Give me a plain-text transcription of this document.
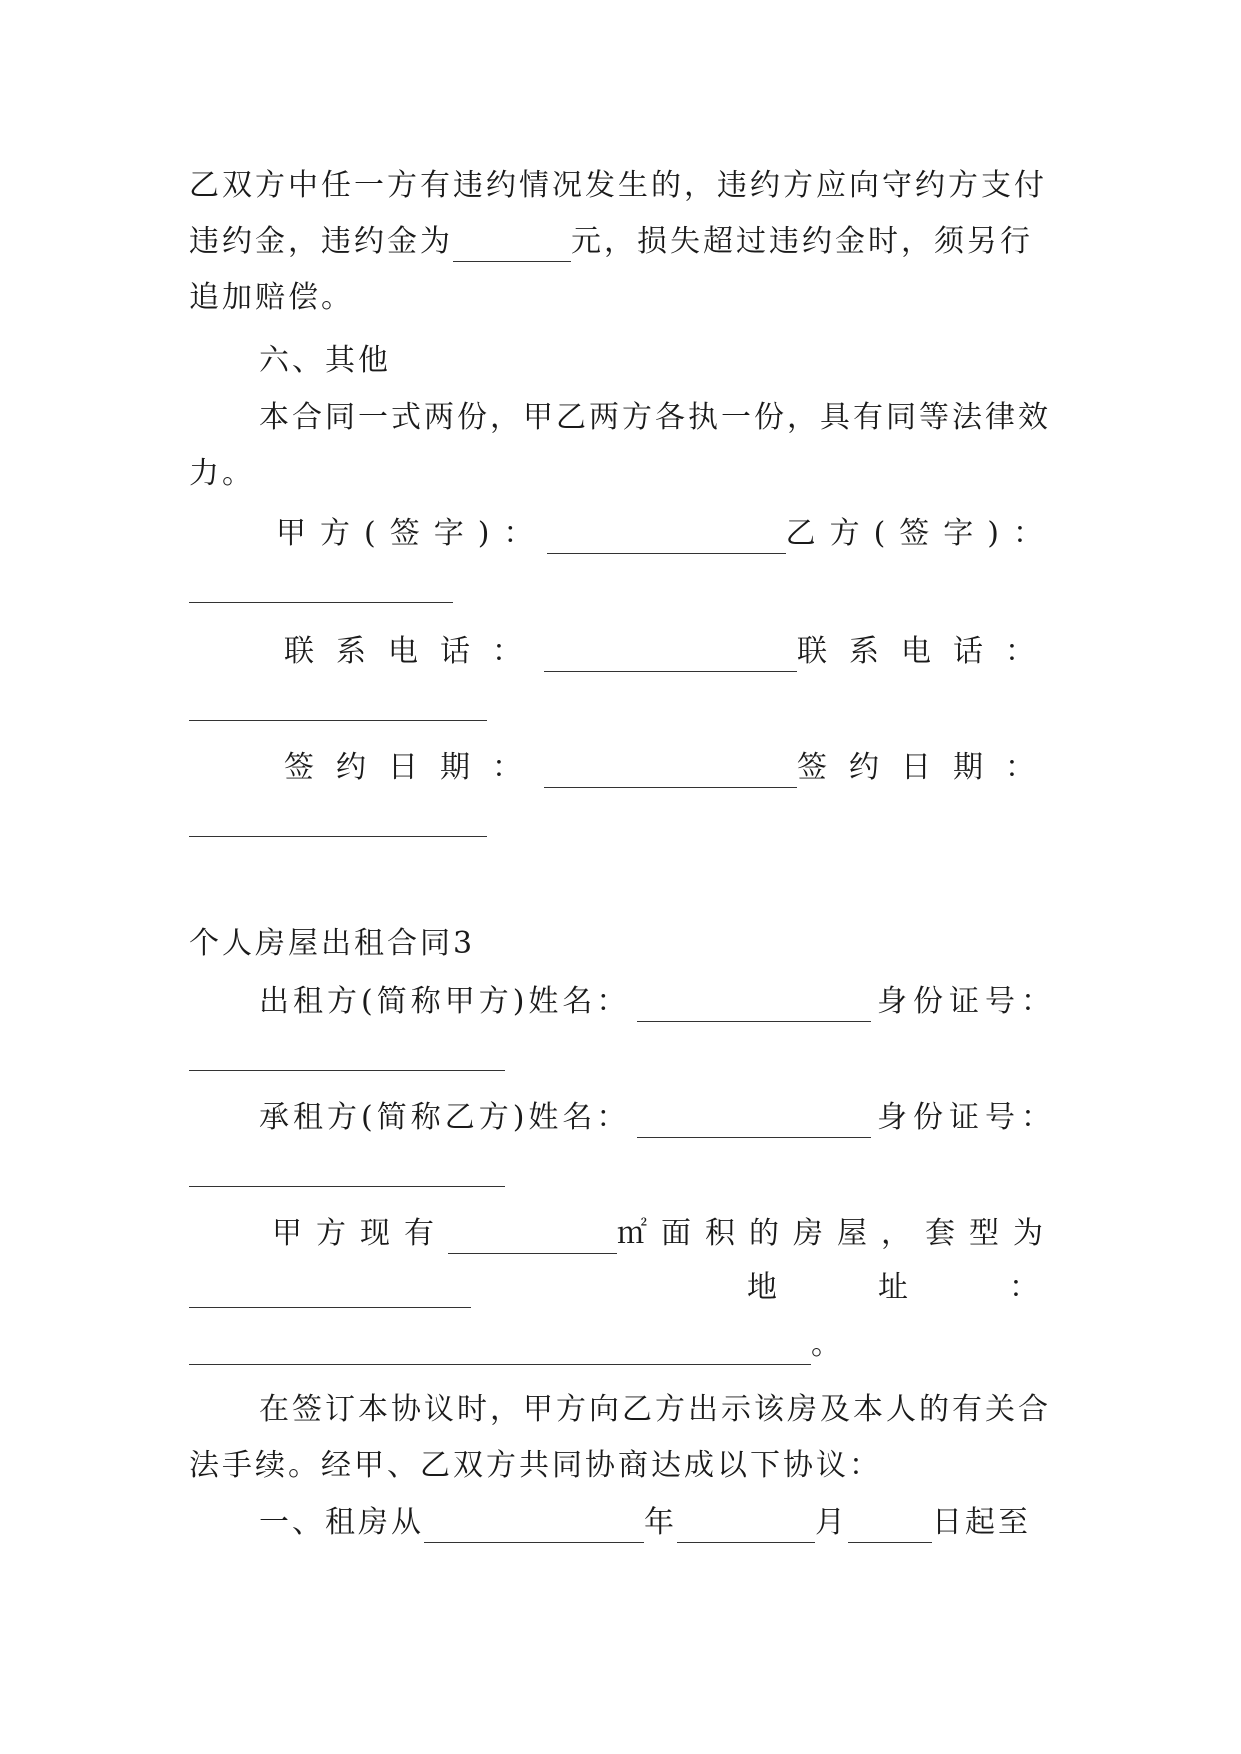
乙双方中任一方有违约情况发生的，违约方应向守约方支付
违约金，违约金为	元，损失超过违约金时，须另行
追加赔偿。
六、其他
本合同一式两份，甲乙两方各执一份，具有同等法律效
力。
甲方(签字)：	乙方(签字)：
联系电话：	联系电话：
签约日期：	签约日期：
个人房屋出租合同3
出租方(简称甲方)姓名：	身份证号：
承租方(简称乙方)姓名：	身份证号：
甲方现有	㎡面积的房屋，套型为
地	址	：
。
在签订本协议时，甲方向乙方出示该房及本人的有关合
法手续。经甲、乙双方共同协商达成以下协议：
一、租房从	年	月	日起至
